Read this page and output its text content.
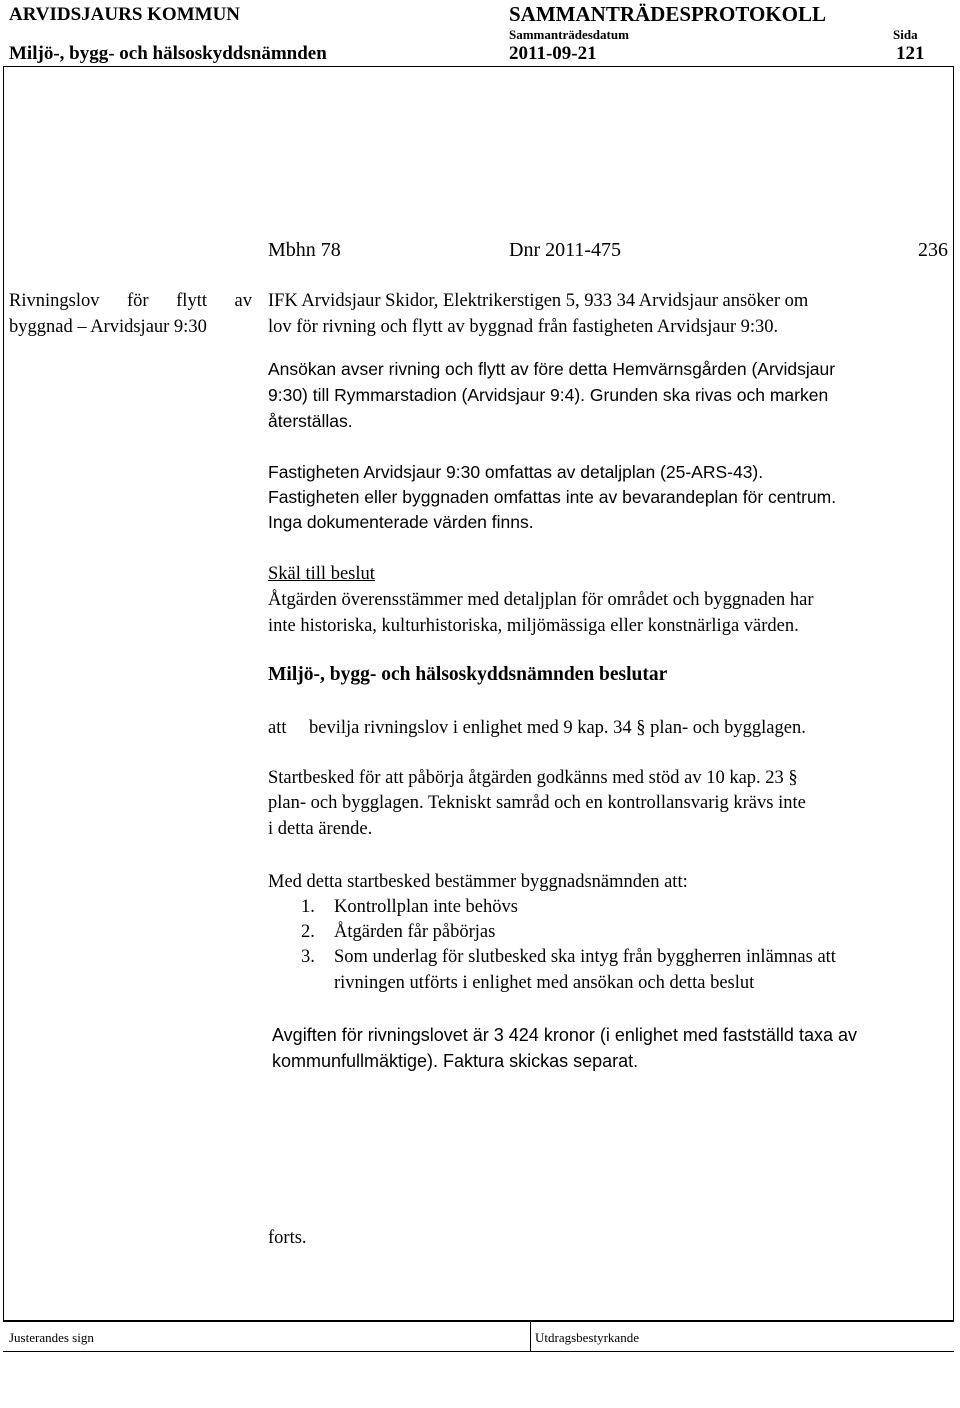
ARVIDSJAURS KOMMUN	SAMMANTRÄDESPROTOKOLL
Sammanträdesdatum	Sida
Miljö-, bygg- och hälsoskyddsnämnden	2011-09-21	121
Mbhn 78	Dnr 2011-475	236
Rivningslov för flytt av
byggnad – Arvidsjaur 9:30
IFK Arvidsjaur Skidor, Elektrikerstigen 5, 933 34 Arvidsjaur ansöker om
lov för rivning och flytt av byggnad från fastigheten Arvidsjaur 9:30.
Ansökan avser rivning och flytt av före detta Hemvärnsgården (Arvidsjaur
9:30) till Rymmarstadion (Arvidsjaur 9:4). Grunden ska rivas och marken
återställas.
Fastigheten Arvidsjaur 9:30 omfattas av detaljplan (25-ARS-43).
Fastigheten eller byggnaden omfattas inte av bevarandeplan för centrum.
Inga dokumenterade värden finns.
Skäl till beslut
Åtgärden överensstämmer med detaljplan för området och byggnaden har
inte historiska, kulturhistoriska, miljömässiga eller konstnärliga värden.
Miljö-, bygg- och hälsoskyddsnämnden beslutar
att bevilja rivningslov i enlighet med 9 kap. 34 § plan- och bygglagen.
Startbesked för att påbörja åtgärden godkänns med stöd av 10 kap. 23 §
plan- och bygglagen. Tekniskt samråd och en kontrollansvarig krävs inte
i detta ärende.
Med detta startbesked bestämmer byggnadsnämnden att:
1. Kontrollplan inte behövs
2. Åtgärden får påbörjas
3. Som underlag för slutbesked ska intyg från byggherren inlämnas att
rivningen utförts i enlighet med ansökan och detta beslut
Avgiften för rivningslovet är 3 424 kronor (i enlighet med fastställd taxa av
kommunfullmäktige). Faktura skickas separat.
forts.
Justerandes sign	Utdragsbestyrkande
